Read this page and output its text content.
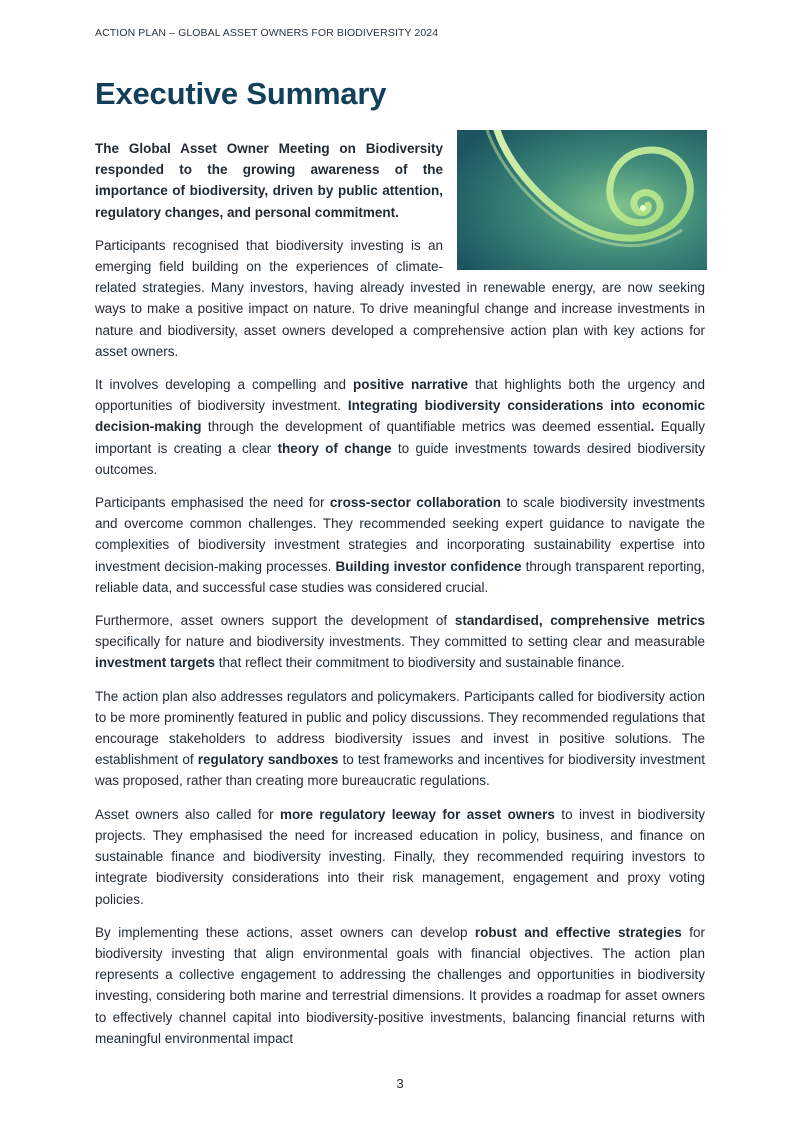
ACTION PLAN – GLOBAL ASSET OWNERS FOR BIODIVERSITY 2024
Executive Summary

The Global Asset Owner Meeting on Biodiversity responded to the growing awareness of the importance of biodiversity, driven by public attention, regulatory changes, and personal commitment.

Participants recognised that biodiversity investing is an emerging field building on the experiences of climate-related strategies. Many investors, having already invested in renewable energy, are now seeking ways to make a positive impact on nature. To drive meaningful change and increase investments in nature and biodiversity, asset owners developed a comprehensive action plan with key actions for asset owners.

It involves developing a compelling and positive narrative that highlights both the urgency and opportunities of biodiversity investment. Integrating biodiversity considerations into economic decision-making through the development of quantifiable metrics was deemed essential. Equally important is creating a clear theory of change to guide investments towards desired biodiversity outcomes.

Participants emphasised the need for cross-sector collaboration to scale biodiversity investments and overcome common challenges. They recommended seeking expert guidance to navigate the complexities of biodiversity investment strategies and incorporating sustainability expertise into investment decision-making processes. Building investor confidence through transparent reporting, reliable data, and successful case studies was considered crucial.

Furthermore, asset owners support the development of standardised, comprehensive metrics specifically for nature and biodiversity investments. They committed to setting clear and measurable investment targets that reflect their commitment to biodiversity and sustainable finance.

The action plan also addresses regulators and policymakers. Participants called for biodiversity action to be more prominently featured in public and policy discussions. They recommended regulations that encourage stakeholders to address biodiversity issues and invest in positive solutions. The establishment of regulatory sandboxes to test frameworks and incentives for biodiversity investment was proposed, rather than creating more bureaucratic regulations.

Asset owners also called for more regulatory leeway for asset owners to invest in biodiversity projects. They emphasised the need for increased education in policy, business, and finance on sustainable finance and biodiversity investing. Finally, they recommended requiring investors to integrate biodiversity considerations into their risk management, engagement and proxy voting policies.

By implementing these actions, asset owners can develop robust and effective strategies for biodiversity investing that align environmental goals with financial objectives. The action plan represents a collective engagement to addressing the challenges and opportunities in biodiversity investing, considering both marine and terrestrial dimensions. It provides a roadmap for asset owners to effectively channel capital into biodiversity-positive investments, balancing financial returns with meaningful environmental impact

3
